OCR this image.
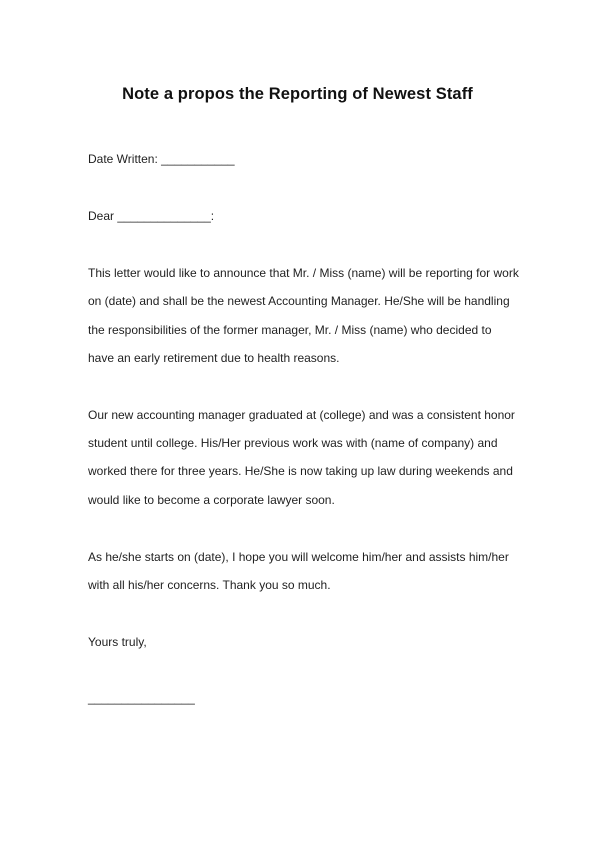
Note a propos the Reporting of Newest Staff
Date Written: ___________
Dear ______________:
This letter would like to announce that Mr. / Miss (name) will be reporting for work
on (date) and shall be the newest Accounting Manager. He/She will be handling
the responsibilities of the former manager, Mr. / Miss (name) who decided to
have an early retirement due to health reasons.
Our new accounting manager graduated at (college) and was a consistent honor
student until college. His/Her previous work was with (name of company) and
worked there for three years. He/She is now taking up law during weekends and
would like to become a corporate lawyer soon.
As he/she starts on (date), I hope you will welcome him/her and assists him/her
with all his/her concerns. Thank you so much.
Yours truly,
________________
